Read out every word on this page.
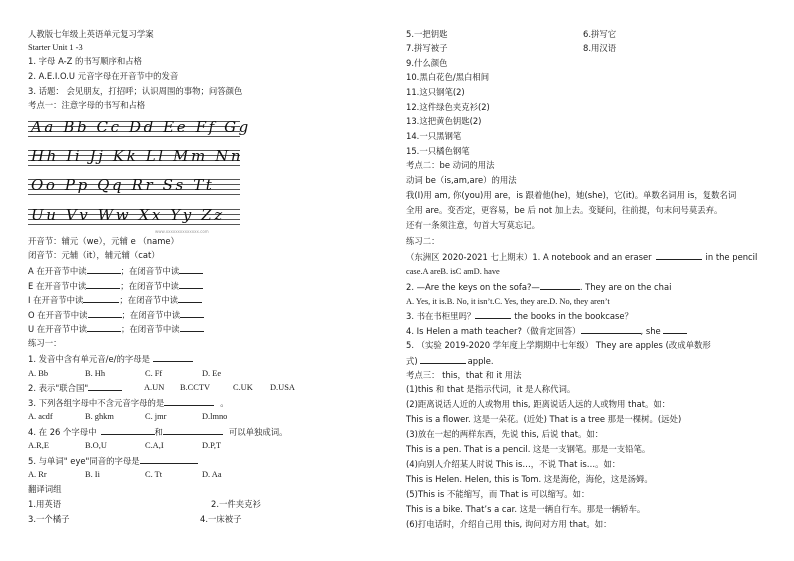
人教版七年级上英语单元复习学案
Starter Unit 1 -3
1. 字母 A-Z 的书写顺序和占格
2. A.E.I.O.U 元音字母在开音节中的发音
3. 话题： 会见朋友，打招呼；认识周围的事物；问答颜色
考点一：注意字母的书写和占格
Aa Bb Cc Dd Ee Ff Gg
Hh Ii Jj Kk Ll Mm Nn
Oo Pp Qq Rr Ss Tt
Uu Vv Ww Xx Yy Zz
www.xxxxxxxxxxxxxx.com
开音节：辅元（we），元辅 e （name）
闭音节：元辅（it），辅元辅（cat）
A 在开音节中读	；在闭音节中读
E 在开音节中读	；在闭音节中读
I 在开音节中读	；在闭音节中读
O 在开音节中读	；在闭音节中读
U 在开音节中读	；在闭音节中读
练习一：
1. 发音中含有单元音/e/的字母是
A. Bb	B. Hh	C. Ff	D. Ee
2. 表示"联合国"	A.UN B.CCTV	C.UK D.USA
3. 下列各组字母中不含元音字母的是	。
A. acdf	B. ghkm	C. jmr	D.lmno
4. 在 26 个字母中	和	可以单独成词。
A.R,E	B.O,U	C.A,I	D.P,T
5. 与单词" eye"同音的字母是
A. Rr	B. Ii	C. Tt	D. Aa
翻译词组
1.用英语	2.一件夹克衫
3.一个橘子	4.一床被子
5.一把钥匙	6.拼写它
7.拼写被子	8.用汉语
9.什么颜色
10.黑白花色/黑白相间
11.这只钢笔(2)
12.这件绿色夹克衫(2)
13.这把黄色钥匙(2)
14.一只黑钢笔
15.一只橘色钢笔
考点二：be 动词的用法
动词 be（is,am,are）的用法
我(I)用 am, 你(you)用 are，is 跟着他(he)，她(she)，它(it)。单数名词用 is，复数名词
全用 are。变否定，更容易，be 后 not 加上去。变疑问，往前提，句末问号莫丢弃。
还有一条须注意，句首大写莫忘记。
练习二：
（东洲区 2020-2021 七上期末）1. A notebook and an eraser	in the pencil
case.A areB. isC amD. have
2. —Are the keys on the sofa?—	. They are on the chai
A. Yes, it is.B. No, it isn’t.C. Yes, they are.D. No, they aren’t
3. 书在书柜里吗？	the books in the bookcase？
4. Is Helen a math teacher?（做肯定回答）	, she
5. （实验 2019-2020 学年度上学期期中七年级） They are apples (改成单数形
式)	apple.
考点三： this，that 和 it 用法
(1)this 和 that 是指示代词，it 是人称代词。
(2)距离说话人近的人或物用 this, 距离说话人远的人或物用 that。如：
This is a flower. 这是一朵花。(近处) That is a tree 那是一棵树。(远处)
(3)放在一起的两样东西，先说 this, 后说 that。如：
This is a pen. That is a pencil. 这是一支钢笔。那是一支铅笔。
(4)向别人介绍某人时说 This is…，不说 That is…。如：
This is Helen. Helen, this is Tom. 这是海伦，海伦，这是汤姆。
(5)This is 不能缩写，而 That is 可以缩写。如：
This is a bike. That’s a car. 这是一辆自行车。那是一辆轿车。
(6)打电话时，介绍自己用 this, 询问对方用 that。如：
